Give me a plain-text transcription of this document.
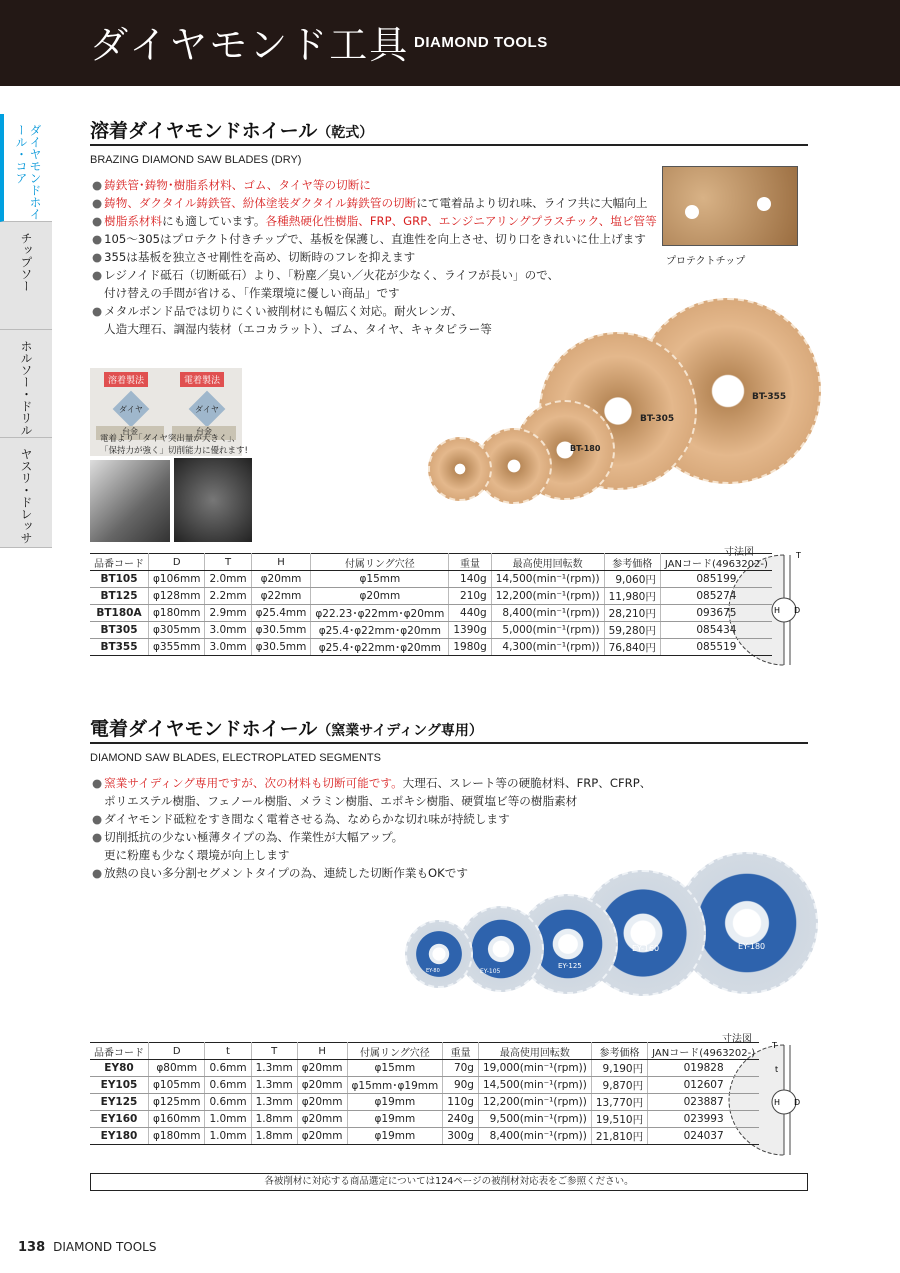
ダイヤモンド工具 DIAMOND TOOLS
ダイヤモンドホイール・コア
チップソー
ホルソー・ドリル
ヤスリ・ドレッサ
溶着ダイヤモンドホイール（乾式）
BRAZING DIAMOND SAW BLADES (DRY)
● 鋳鉄管･鋳物･樹脂系材料、ゴム、タイヤ等の切断に
● 鋳物、ダクタイル鋳鉄管、紛体塗装ダクタイル鋳鉄管の切断にて電着品より切れ味、ライフ共に大幅向上
● 樹脂系材料にも適しています。各種熱硬化性樹脂、FRP、GRP、エンジニアリングプラスチック、塩ビ管等
● 105～305はプロテクト付きチップで、基板を保護し、直進性を向上させ、切り口をきれいに仕上げます
● 355は基板を独立させ剛性を高め、切断時のフレを抑えます
● レジノイド砥石（切断砥石）より、「粉塵／臭い／火花が少なく、ライフが長い」ので、
付け替えの手間が省ける、「作業環境に優しい商品」です
● メタルボンド品では切りにくい被削材にも幅広く対応。耐火レンガ、
人造大理石、調湿内装材（エコカラット）、ゴム、タイヤ、キャタピラー等
プロテクトチップ
BT-355
BT-305
BT-180
溶着製法	電着製法
ダイヤ	ダイヤ
台金	台金
電着より「ダイヤ突出量が大きく」、
「保持力が強く」切削能力に優れます!
寸法図
H D
T
品番コード	D	T	H	付属リング穴径	重量	最高使用回転数	参考価格	JANコード(4963202-)
BT105	φ106mm	2.0mm	φ20mm	φ15mm	140g	14,500(min⁻¹(rpm))	9,060円	085199
BT125	φ128mm	2.2mm	φ22mm	φ20mm	210g	12,200(min⁻¹(rpm))	11,980円	085274
BT180A	φ180mm	2.9mm	φ25.4mm	φ22.23･φ22mm･φ20mm	440g	8,400(min⁻¹(rpm))	28,210円	093675
BT305	φ305mm	3.0mm	φ30.5mm	φ25.4･φ22mm･φ20mm	1390g	5,000(min⁻¹(rpm))	59,280円	085434
BT355	φ355mm	3.0mm	φ30.5mm	φ25.4･φ22mm･φ20mm	1980g	4,300(min⁻¹(rpm))	76,840円	085519
電着ダイヤモンドホイール（窯業サイディング専用）
DIAMOND SAW BLADES, ELECTROPLATED SEGMENTS
● 窯業サイディング専用ですが、次の材料も切断可能です。大理石、スレート等の硬脆材料、FRP、CFRP、
ポリエステル樹脂、フェノール樹脂、メラミン樹脂、エポキシ樹脂、硬質塩ビ等の樹脂素材
● ダイヤモンド砥粒をすき間なく電着させる為、なめらかな切れ味が持続します
● 切削抵抗の少ない極薄タイプの為、作業性が大幅アップ。
更に粉塵も少なく環境が向上します
● 放熱の良い多分割セグメントタイプの為、連続した切断作業もOKです
EY-180
EY-160
EY-125
EY-105
EY-80
寸法図
H D
T
t
品番コード	D	t	T	H	付属リング穴径	重量	最高使用回転数	参考価格	JANコード(4963202-)
EY80	φ80mm	0.6mm	1.3mm	φ20mm	φ15mm	70g	19,000(min⁻¹(rpm))	9,190円	019828
EY105	φ105mm	0.6mm	1.3mm	φ20mm	φ15mm･φ19mm	90g	14,500(min⁻¹(rpm))	9,870円	012607
EY125	φ125mm	0.6mm	1.3mm	φ20mm	φ19mm	110g	12,200(min⁻¹(rpm))	13,770円	023887
EY160	φ160mm	1.0mm	1.8mm	φ20mm	φ19mm	240g	9,500(min⁻¹(rpm))	19,510円	023993
EY180	φ180mm	1.0mm	1.8mm	φ20mm	φ19mm	300g	8,400(min⁻¹(rpm))	21,810円	024037
各被削材に対応する商品選定については124ページの被削材対応表をご参照ください。
138 DIAMOND TOOLS
